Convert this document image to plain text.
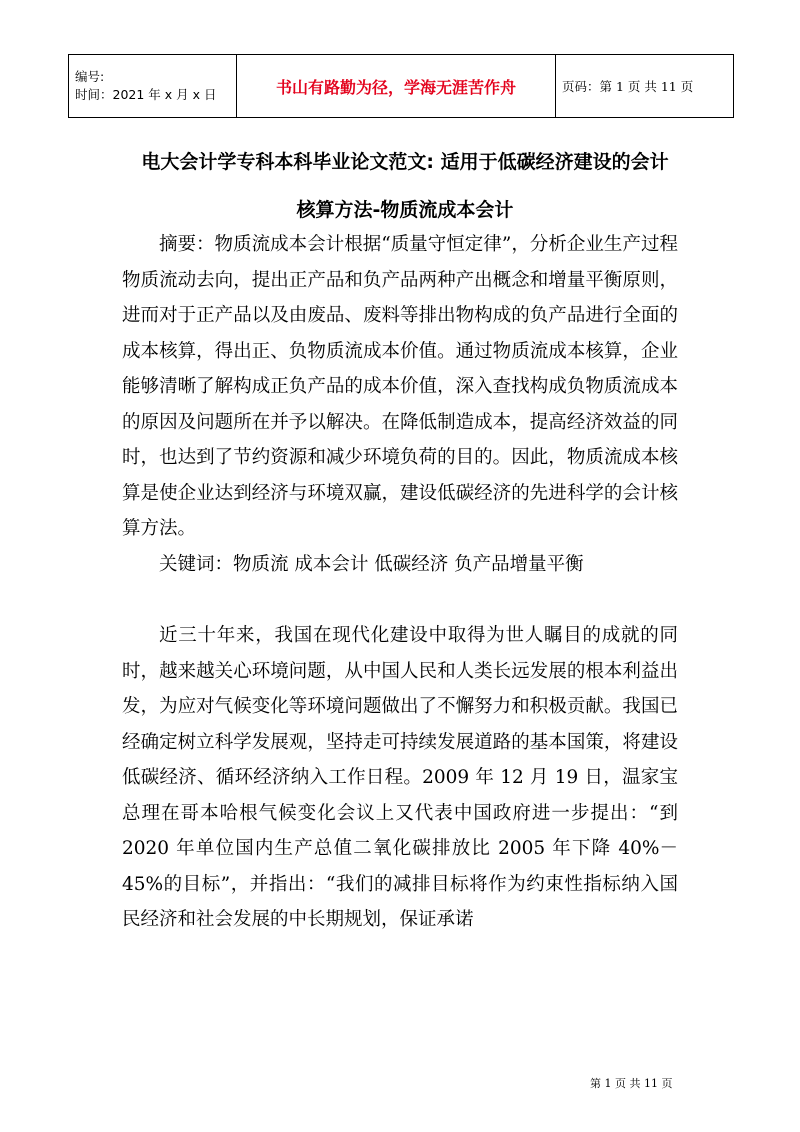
编号:
时间：2021 年 x 月 x 日	书山有路勤为径，学海无涯苦作舟	页码：第 1 页 共 11 页
电大会计学专科本科毕业论文范文: 适用于低碳经济建设的会计
核算方法-物质流成本会计

摘要：物质流成本会计根据“质量守恒定律”，分析企业生产过程物质流动去向，提出正产品和负产品两种产出概念和增量平衡原则，进而对于正产品以及由废品、废料等排出物构成的负产品进行全面的成本核算，得出正、负物质流成本价值。通过物质流成本核算，企业能够清晰了解构成正负产品的成本价值，深入查找构成负物质流成本的原因及问题所在并予以解决。在降低制造成本，提高经济效益的同时，也达到了节约资源和减少环境负荷的目的。因此，物质流成本核算是使企业达到经济与环境双赢，建设低碳经济的先进科学的会计核算方法。

关键词：物质流 成本会计 低碳经济 负产品增量平衡

近三十年来，我国在现代化建设中取得为世人瞩目的成就的同时，越来越关心环境问题，从中国人民和人类长远发展的根本利益出发，为应对气候变化等环境问题做出了不懈努力和积极贡献。我国已经确定树立科学发展观，坚持走可持续发展道路的基本国策，将建设低碳经济、循环经济纳入工作日程。2009 年 12 月 19 日，温家宝总理在哥本哈根气候变化会议上又代表中国政府进一步提出：“到 2020 年单位国内生产总值二氧化碳排放比 2005 年下降 40%－45%的目标”，并指出：“我们的减排目标将作为约束性指标纳入国民经济和社会发展的中长期规划，保证承诺

第 1 页 共 11 页
